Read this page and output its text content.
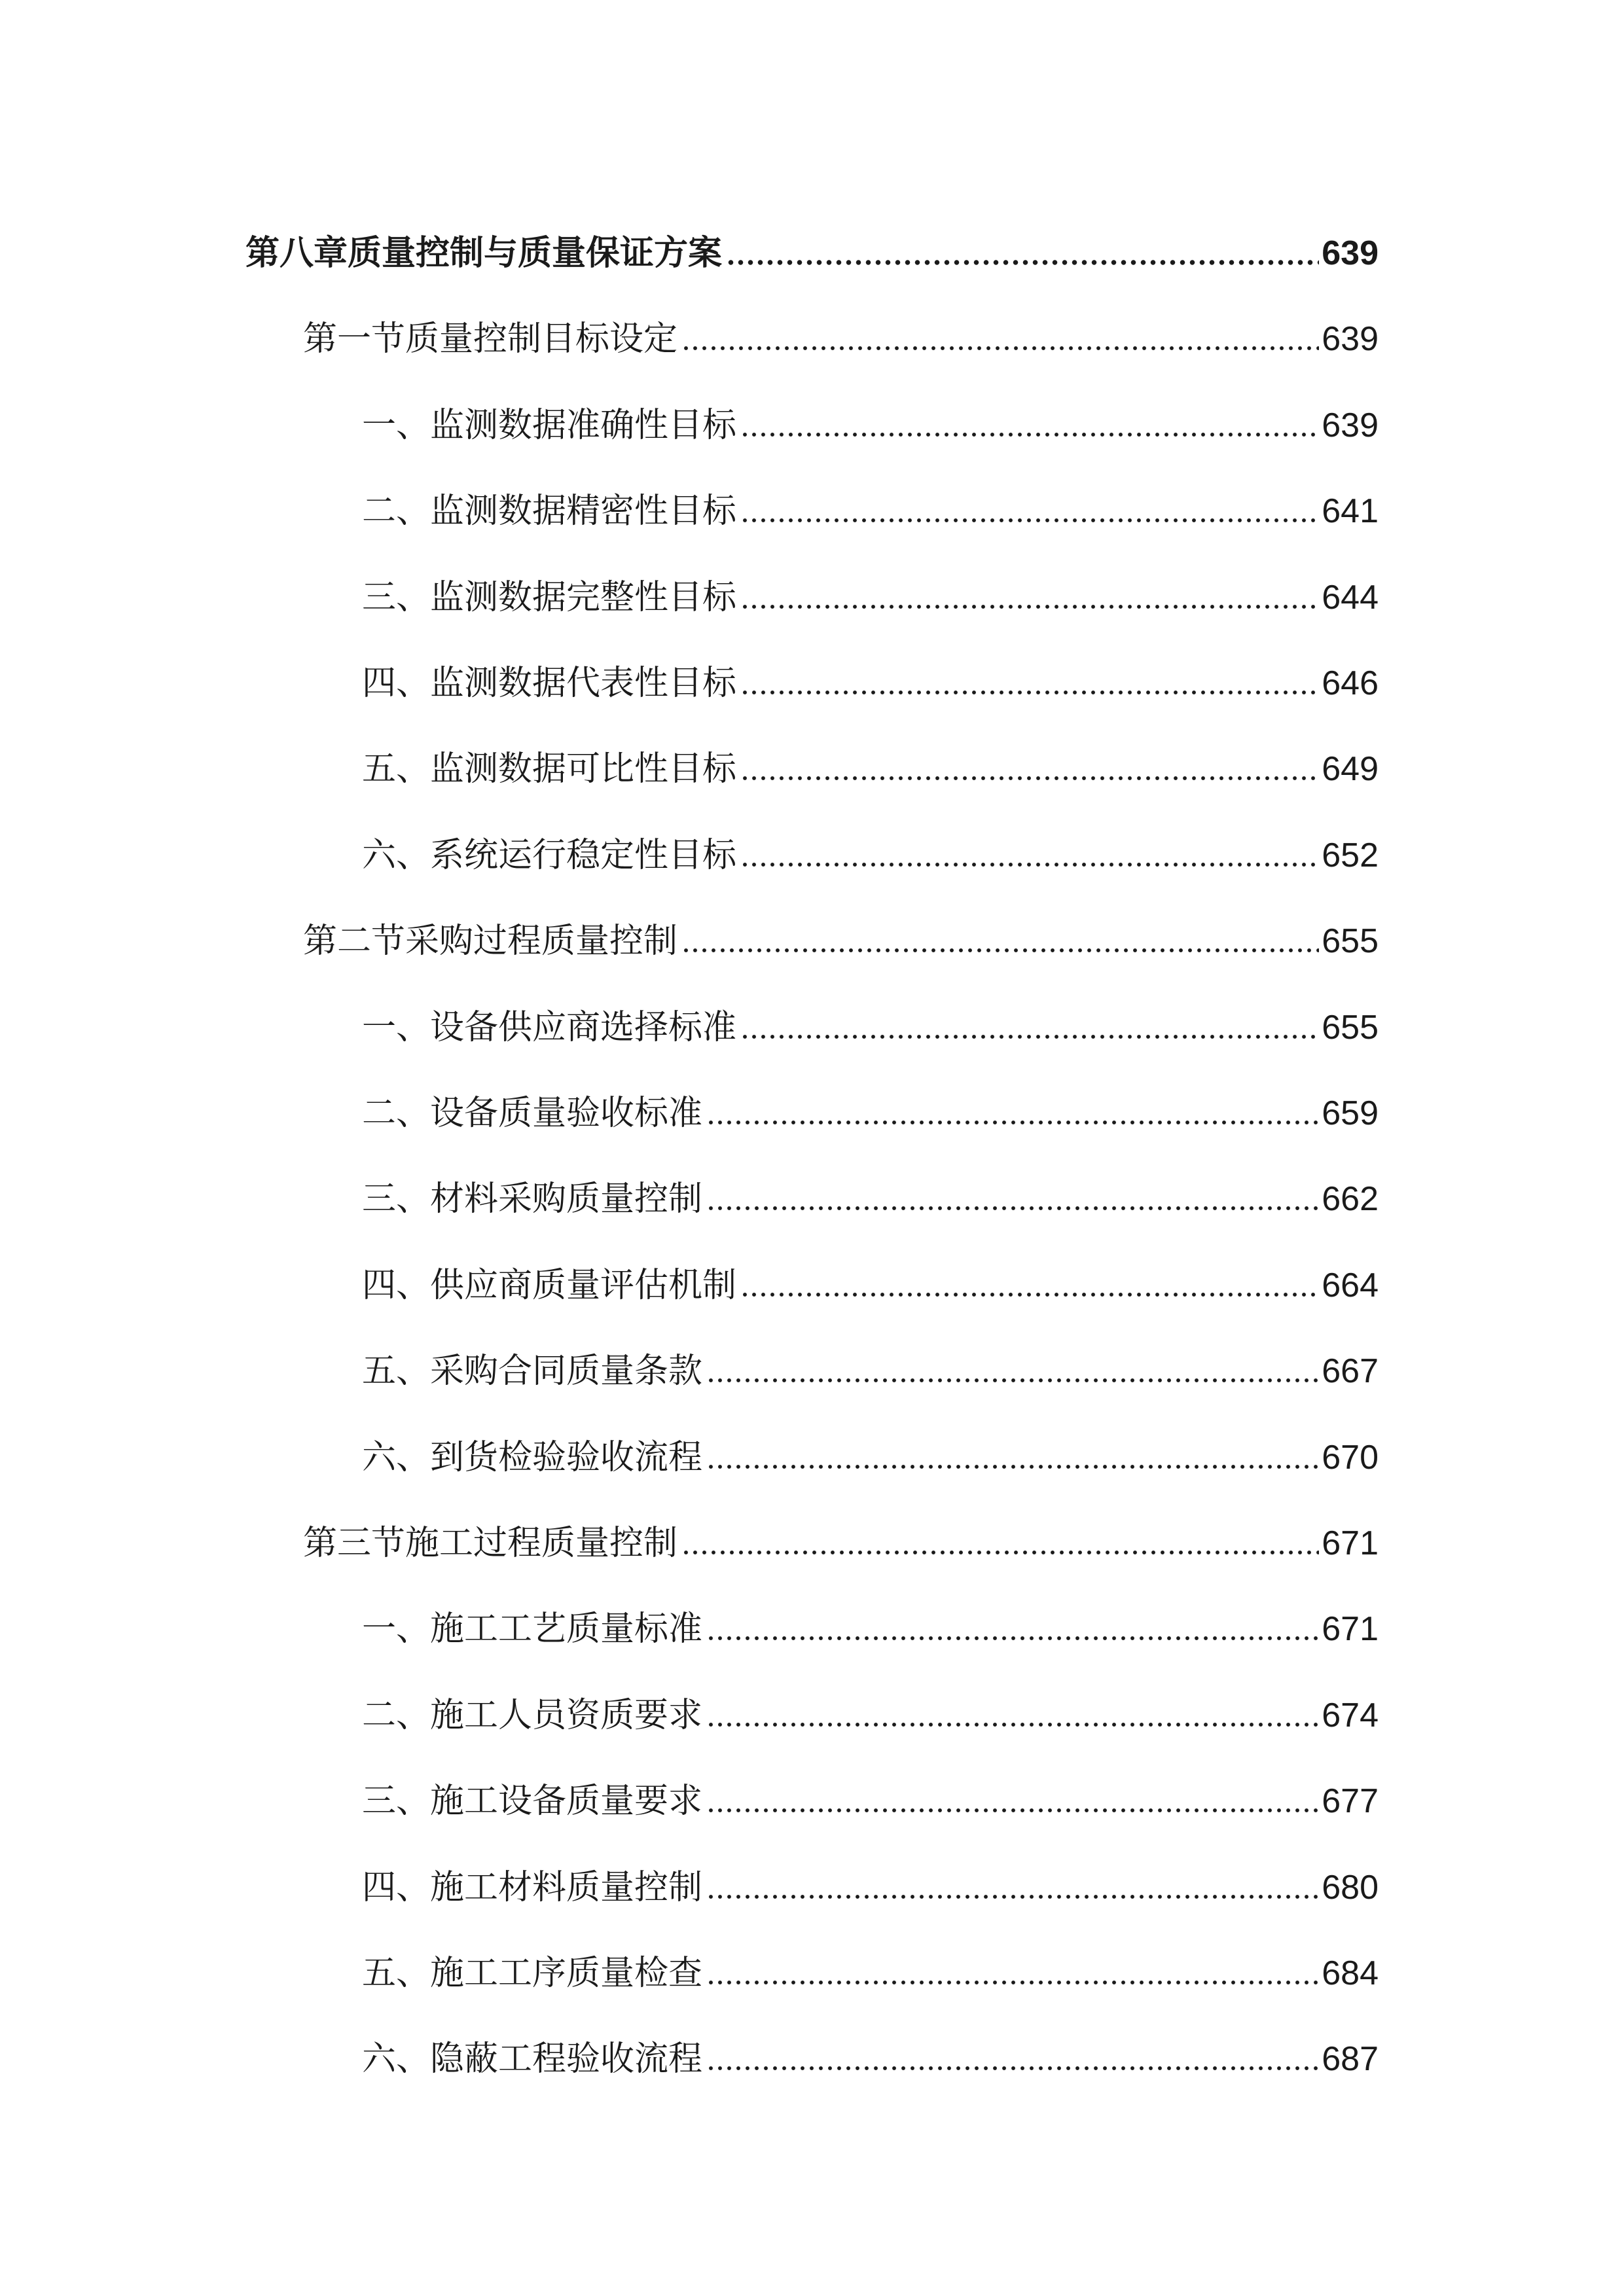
第八章质量控制与质量保证方案	639
第一节质量控制目标设定	639
一、监测数据准确性目标	639
二、监测数据精密性目标	641
三、监测数据完整性目标	644
四、监测数据代表性目标	646
五、监测数据可比性目标	649
六、系统运行稳定性目标	652
第二节采购过程质量控制	655
一、设备供应商选择标准	655
二、设备质量验收标准	659
三、材料采购质量控制	662
四、供应商质量评估机制	664
五、采购合同质量条款	667
六、到货检验验收流程	670
第三节施工过程质量控制	671
一、施工工艺质量标准	671
二、施工人员资质要求	674
三、施工设备质量要求	677
四、施工材料质量控制	680
五、施工工序质量检查	684
六、隐蔽工程验收流程	687
